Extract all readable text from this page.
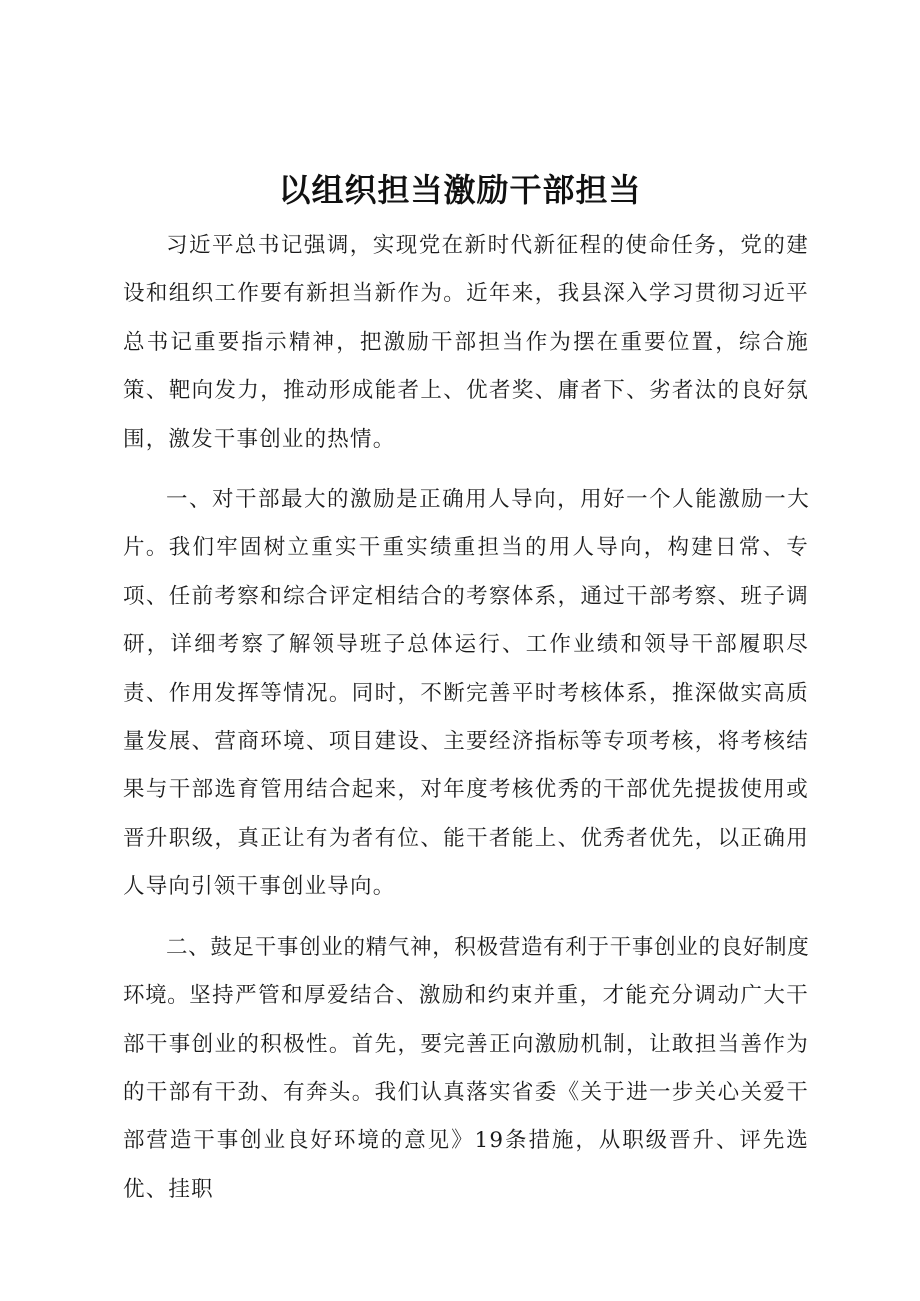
以组织担当激励干部担当

习近平总书记强调，实现党在新时代新征程的使命任务，党的建设和组织工作要有新担当新作为。近年来，我县深入学习贯彻习近平总书记重要指示精神，把激励干部担当作为摆在重要位置，综合施策、靶向发力，推动形成能者上、优者奖、庸者下、劣者汰的良好氛围，激发干事创业的热情。

一、对干部最大的激励是正确用人导向，用好一个人能激励一大片。我们牢固树立重实干重实绩重担当的用人导向，构建日常、专项、任前考察和综合评定相结合的考察体系，通过干部考察、班子调研，详细考察了解领导班子总体运行、工作业绩和领导干部履职尽责、作用发挥等情况。同时，不断完善平时考核体系，推深做实高质量发展、营商环境、项目建设、主要经济指标等专项考核，将考核结果与干部选育管用结合起来，对年度考核优秀的干部优先提拔使用或晋升职级，真正让有为者有位、能干者能上、优秀者优先，以正确用人导向引领干事创业导向。

二、鼓足干事创业的精气神，积极营造有利于干事创业的良好制度环境。坚持严管和厚爱结合、激励和约束并重，才能充分调动广大干部干事创业的积极性。首先，要完善正向激励机制，让敢担当善作为的干部有干劲、有奔头。我们认真落实省委《关于进一步关心关爱干部营造干事创业良好环境的意见》19条措施，从职级晋升、评先选优、挂职
